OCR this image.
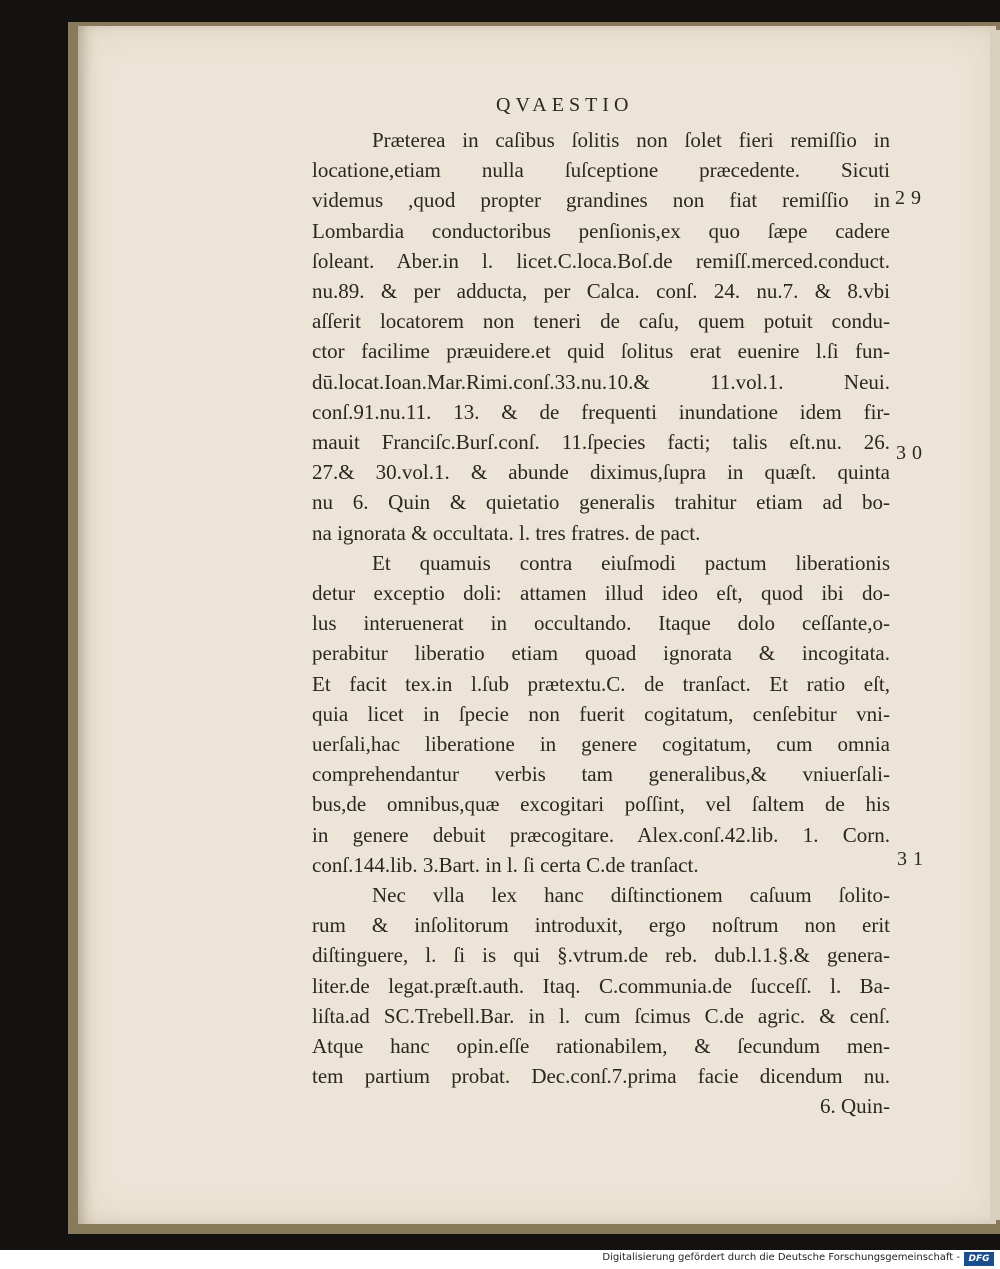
QVAESTIO
Præterea in caſibus ſolitis non ſolet fieri remiſſio in
locatione,etiam nulla ſuſceptione præcedente. Sicuti
videmus ,quod propter grandines non fiat remiſſio in
Lombardia conductoribus penſionis,ex quo ſæpe cadere
ſoleant. Aber.in l. licet.C.loca.Boſ.de remiſſ.merced.conduct.
nu.89. & per adducta, per Calca. conſ. 24. nu.7. & 8.vbi
aſſerit locatorem non teneri de caſu, quem potuit condu-
ctor facilime præuidere.et quid ſolitus erat euenire l.ſi fun-
dū.locat.Ioan.Mar.Rimi.conſ.33.nu.10.& 11.vol.1. Neui.
conſ.91.nu.11. 13. & de frequenti inundatione idem fir-
mauit Franciſc.Burſ.conſ. 11.ſpecies facti; talis eſt.nu. 26.
27.& 30.vol.1. & abunde diximus,ſupra in quæſt. quinta
nu 6. Quin & quietatio generalis trahitur etiam ad bo-
na ignorata & occultata. l. tres fratres. de pact.
Et quamuis contra eiuſmodi pactum liberationis
detur exceptio doli: attamen illud ideo eſt, quod ibi do-
lus interuenerat in occultando. Itaque dolo ceſſante,o-
perabitur liberatio etiam quoad ignorata & incogitata.
Et facit tex.in l.ſub prætextu.C. de tranſact. Et ratio eſt,
quia licet in ſpecie non fuerit cogitatum, cenſebitur vni-
uerſali,hac liberatione in genere cogitatum, cum omnia
comprehendantur verbis tam generalibus,& vniuerſali-
bus,de omnibus,quæ excogitari poſſint, vel ſaltem de his
in genere debuit præcogitare. Alex.conſ.42.lib. 1. Corn.
conſ.144.lib. 3.Bart. in l. ſi certa C.de tranſact.
Nec vlla lex hanc diſtinctionem caſuum ſolito-
rum & inſolitorum introduxit, ergo noſtrum non erit
diſtinguere, l. ſi is qui §.vtrum.de reb. dub.l.1.§.& genera-
liter.de legat.præſt.auth. Itaq. C.communia.de ſucceſſ. l. Ba-
liſta.ad SC.Trebell.Bar. in l. cum ſcimus C.de agric. & cenſ.
Atque hanc opin.eſſe rationabilem, & ſecundum men-
tem partium probat. Dec.conſ.7.prima facie dicendum nu.
6. Quin-
29
30
31
Digitalisierung gefördert durch die Deutsche Forschungsgemeinschaft - DFG
